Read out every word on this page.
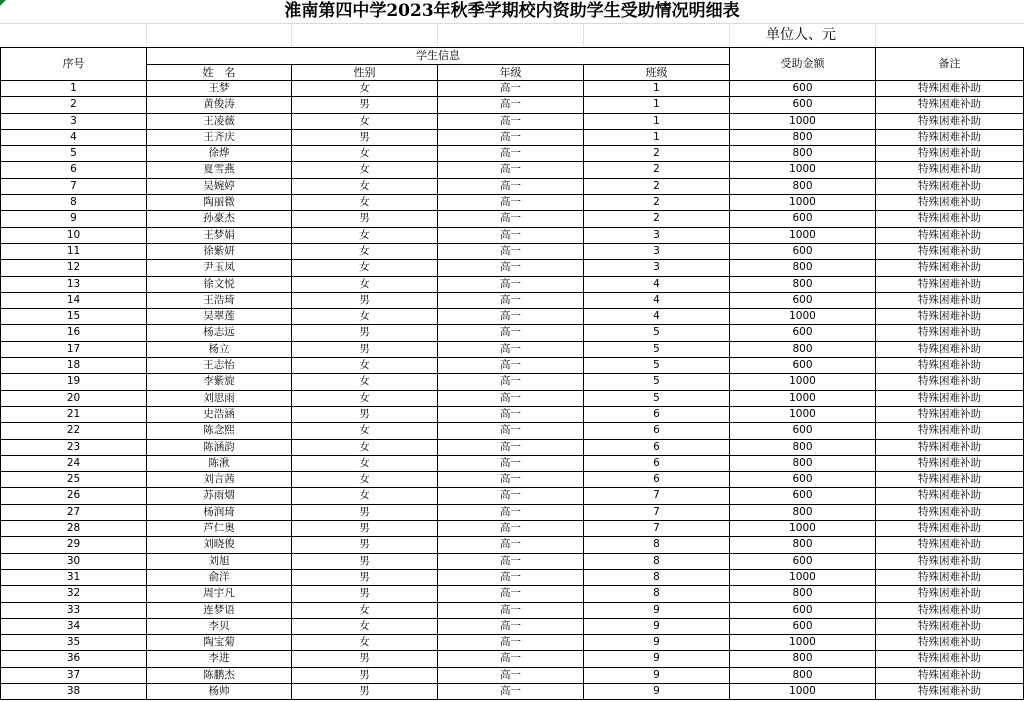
淮南第四中学2023年秋季学期校内资助学生受助情况明细表
单位人、元
序号	学生信息				受助金额	备注
	姓　名	性别	年级	班级		
1	王梦	女	高一	1	600	特殊困难补助
2	黄俊涛	男	高一	1	600	特殊困难补助
3	王凌薇	女	高一	1	1000	特殊困难补助
4	王齐庆	男	高一	1	800	特殊困难补助
5	徐烨	女	高一	2	800	特殊困难补助
6	夏雪燕	女	高一	2	1000	特殊困难补助
7	吴婉婷	女	高一	2	800	特殊困难补助
8	陶丽微	女	高一	2	1000	特殊困难补助
9	孙豪杰	男	高一	2	600	特殊困难补助
10	王梦娟	女	高一	3	1000	特殊困难补助
11	徐紫妍	女	高一	3	600	特殊困难补助
12	尹玉凤	女	高一	3	800	特殊困难补助
13	徐文悦	女	高一	4	800	特殊困难补助
14	王浩琦	男	高一	4	600	特殊困难补助
15	吴翠莲	女	高一	4	1000	特殊困难补助
16	杨志远	男	高一	5	600	特殊困难补助
17	杨立	男	高一	5	800	特殊困难补助
18	王志怡	女	高一	5	600	特殊困难补助
19	李紫旋	女	高一	5	1000	特殊困难补助
20	刘思雨	女	高一	5	1000	特殊困难补助
21	史浩涵	男	高一	6	1000	特殊困难补助
22	陈念熙	女	高一	6	600	特殊困难补助
23	陈涵韵	女	高一	6	800	特殊困难补助
24	陈湫	女	高一	6	800	特殊困难补助
25	刘言茜	女	高一	6	600	特殊困难补助
26	苏雨烟	女	高一	7	600	特殊困难补助
27	杨润琦	男	高一	7	800	特殊困难补助
28	芦仁奥	男	高一	7	1000	特殊困难补助
29	刘晓俊	男	高一	8	800	特殊困难补助
30	刘旭	男	高一	8	600	特殊困难补助
31	俞洋	男	高一	8	1000	特殊困难补助
32	周宇凡	男	高一	8	800	特殊困难补助
33	连梦语	女	高一	9	600	特殊困难补助
34	李贝	女	高一	9	600	特殊困难补助
35	陶宝菊	女	高一	9	1000	特殊困难补助
36	李进	男	高一	9	800	特殊困难补助
37	陈鹏杰	男	高一	9	800	特殊困难补助
38	杨帅	男	高一	9	1000	特殊困难补助
